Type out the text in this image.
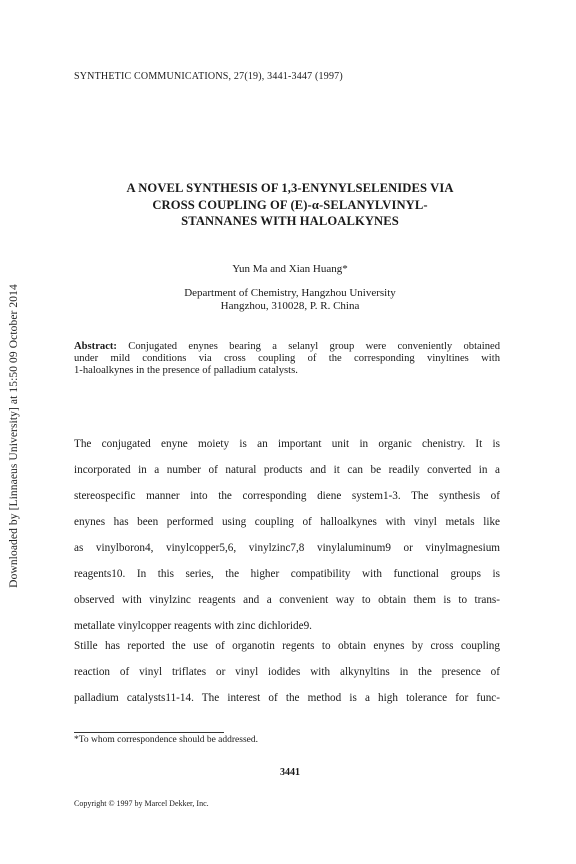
Downloaded by [Linnaeus University] at 15:50 09 October 2014
SYNTHETIC COMMUNICATIONS, 27(19), 3441-3447 (1997)
A NOVEL SYNTHESIS OF 1,3-ENYNYLSELENIDES VIA
CROSS COUPLING OF (E)-α-SELANYLVINYL-
STANNANES WITH HALOALKYNES
Yun Ma and Xian Huang*
Department of Chemistry, Hangzhou University
Hangzhou, 310028, P. R. China
Abstract: Conjugated enynes bearing a selanyl group were conveniently obtained
under mild conditions via cross coupling of the corresponding vinyltines with
1-haloalkynes in the presence of palladium catalysts.
The conjugated enyne moiety is an important unit in organic chenistry. It is
incorporated in a number of natural products and it can be readily converted in a
stereospecific manner into the corresponding diene system1-3. The synthesis of
enynes has been performed using coupling of halloalkynes with vinyl metals like
as vinylboron4, vinylcopper5,6, vinylzinc7,8 vinylaluminum9 or vinylmagnesium
reagents10. In this series, the higher compatibility with functional groups is
observed with vinylzinc reagents and a convenient way to obtain them is to trans-
metallate vinylcopper reagents with zinc dichloride9.
Stille has reported the use of organotin regents to obtain enynes by cross coupling
reaction of vinyl triflates or vinyl iodides with alkynyltins in the presence of
palladium catalysts11-14. The interest of the method is a high tolerance for func-
*To whom correspondence should be addressed.
3441
Copyright © 1997 by Marcel Dekker, Inc.
